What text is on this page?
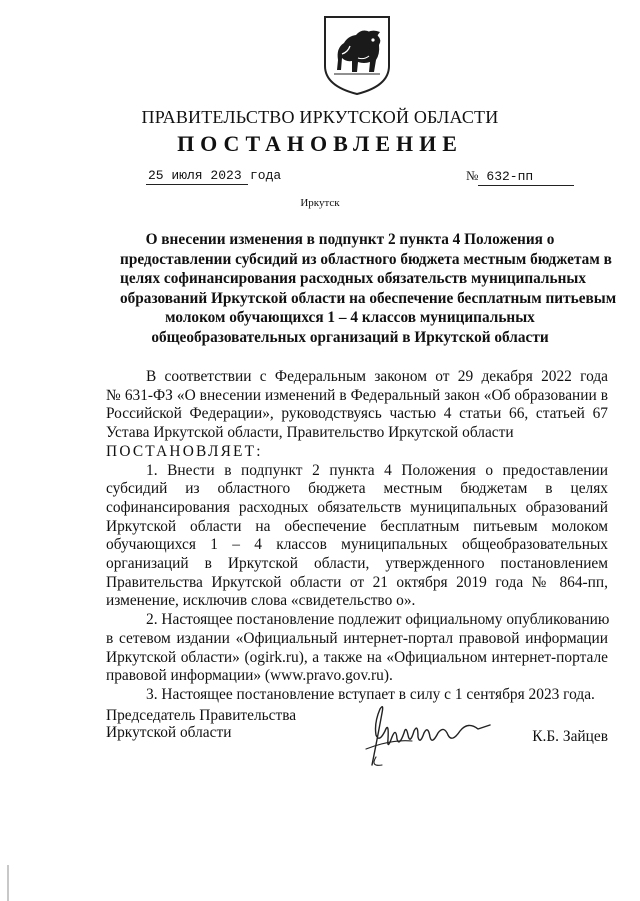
ПРАВИТЕЛЬСТВО ИРКУТСКОЙ ОБЛАСТИ
ПОСТАНОВЛЕНИЕ
25 июля 2023 года	№ 632-пп
Иркутск
О внесении изменения в подпункт 2 пункта 4 Положения о
предоставлении субсидий из областного бюджета местным бюджетам в
целях софинансирования расходных обязательств муниципальных
образований Иркутской области на обеспечение бесплатным питьевым
молоком обучающихся 1 – 4 классов муниципальных
общеобразовательных организаций в Иркутской области
В соответствии с Федеральным законом от 29 декабря 2022 года
№ 631-ФЗ «О внесении изменений в Федеральный закон «Об образовании в
Российской Федерации», руководствуясь частью 4 статьи 66, статьей 67
Устава Иркутской области, Правительство Иркутской области
ПОСТАНОВЛЯЕТ:
1. Внести в подпункт 2 пункта 4 Положения о предоставлении
субсидий из областного бюджета местным бюджетам в целях
софинансирования расходных обязательств муниципальных образований
Иркутской области на обеспечение бесплатным питьевым молоком
обучающихся 1 – 4 классов муниципальных общеобразовательных
организаций в Иркутской области, утвержденного постановлением
Правительства Иркутской области от 21 октября 2019 года № 864-пп,
изменение, исключив слова «свидетельство о».
2. Настоящее постановление подлежит официальному опубликованию
в сетевом издании «Официальный интернет-портал правовой информации
Иркутской области» (ogirk.ru), а также на «Официальном интернет-портале
правовой информации» (www.pravo.gov.ru).
3. Настоящее постановление вступает в силу с 1 сентября 2023 года.
Председатель Правительства
Иркутской области	К.Б. Зайцев
